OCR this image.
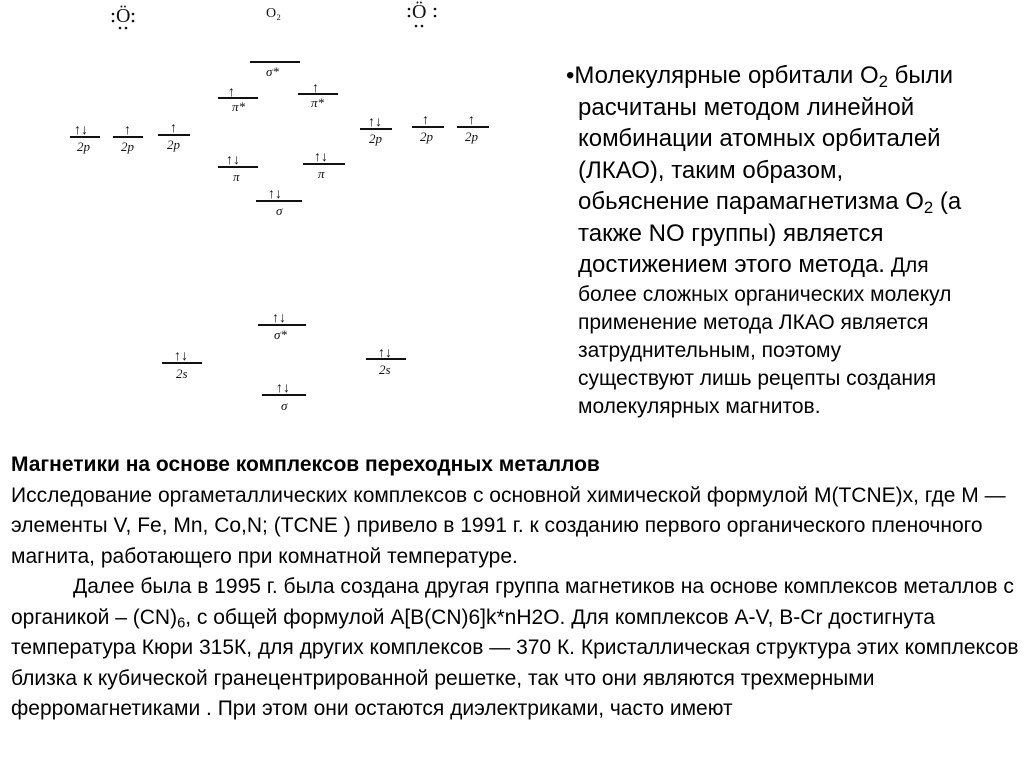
Ö	O₂	Ö
σ*
↑
π*
↑
π*
↑↓
2p
↑
2p
↑
2p
↑↓
2p
↑
2p
↑
2p
↑↓
π
↑↓
π
↑↓
σ
↑↓
σ*
↑↓
2s
↑↓
2s
↑↓
σ
•Молекулярные орбитали $O_2$ были
расчитаны методом линейной
комбинации атомных орбиталей
(ЛКАО), таким образом,
обьяснение парамагнетизма $O_2$ (а
также NO группы) является
достижением этого метода. Для
более сложных органических молекул
применение метода ЛКАО является
затруднительным, поэтому
существуют лишь рецепты создания
молекулярных магнитов.

Магнетики на основе комплексов переходных металлов

Исследование оргаметаллических комплексов с основной химической формулой М(TCNE)x, где М — элементы V, Fe, Mn, Co,N; (TCNE ) привело в 1991 г. к созданию первого органического пленочного магнита, работающего при комнатной температуре.

Далее была в 1995 г. была создана другая группа магнетиков на основе комплексов металлов с органикой – $(CN)_6$, с общей формулой A[B(CN)6]k*nH2O. Для комплексов A-V, B-Cr достигнута температура Кюри 315К, для других комплексов — 370 К. Кристаллическая структура этих комплексов близка к кубической гранецентрированной решетке, так что они являются трехмерными ферромагнетиками . При этом они остаются диэлектриками, часто имеют
